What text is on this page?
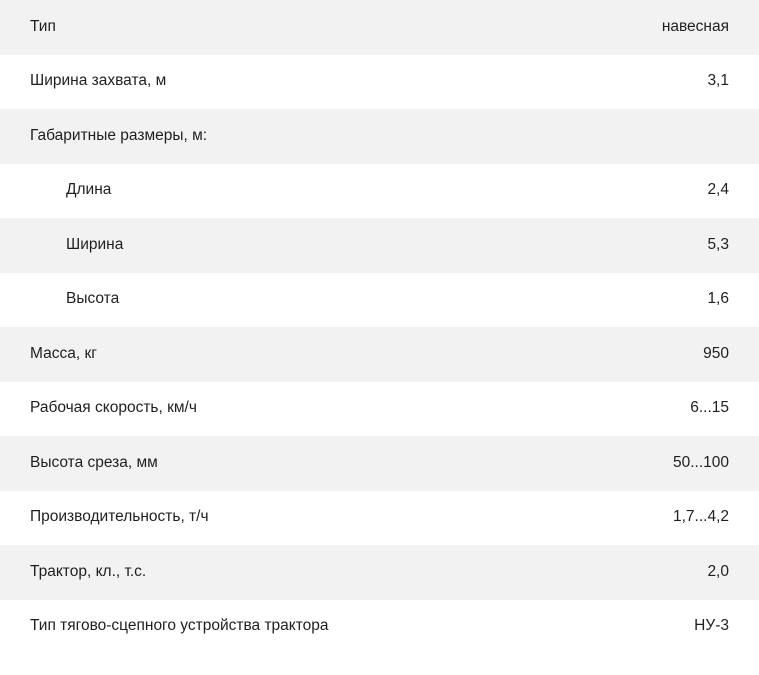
Тип	навесная
Ширина захвата, м	3,1
Габаритные размеры, м:	
Длина	2,4
Ширина	5,3
Высота	1,6
Масса, кг	950
Рабочая скорость, км/ч	6...15
Высота среза, мм	50...100
Производительность, т/ч	1,7...4,2
Трактор, кл., т.с.	2,0
Тип тягово-сцепного устройства трактора	НУ-3
